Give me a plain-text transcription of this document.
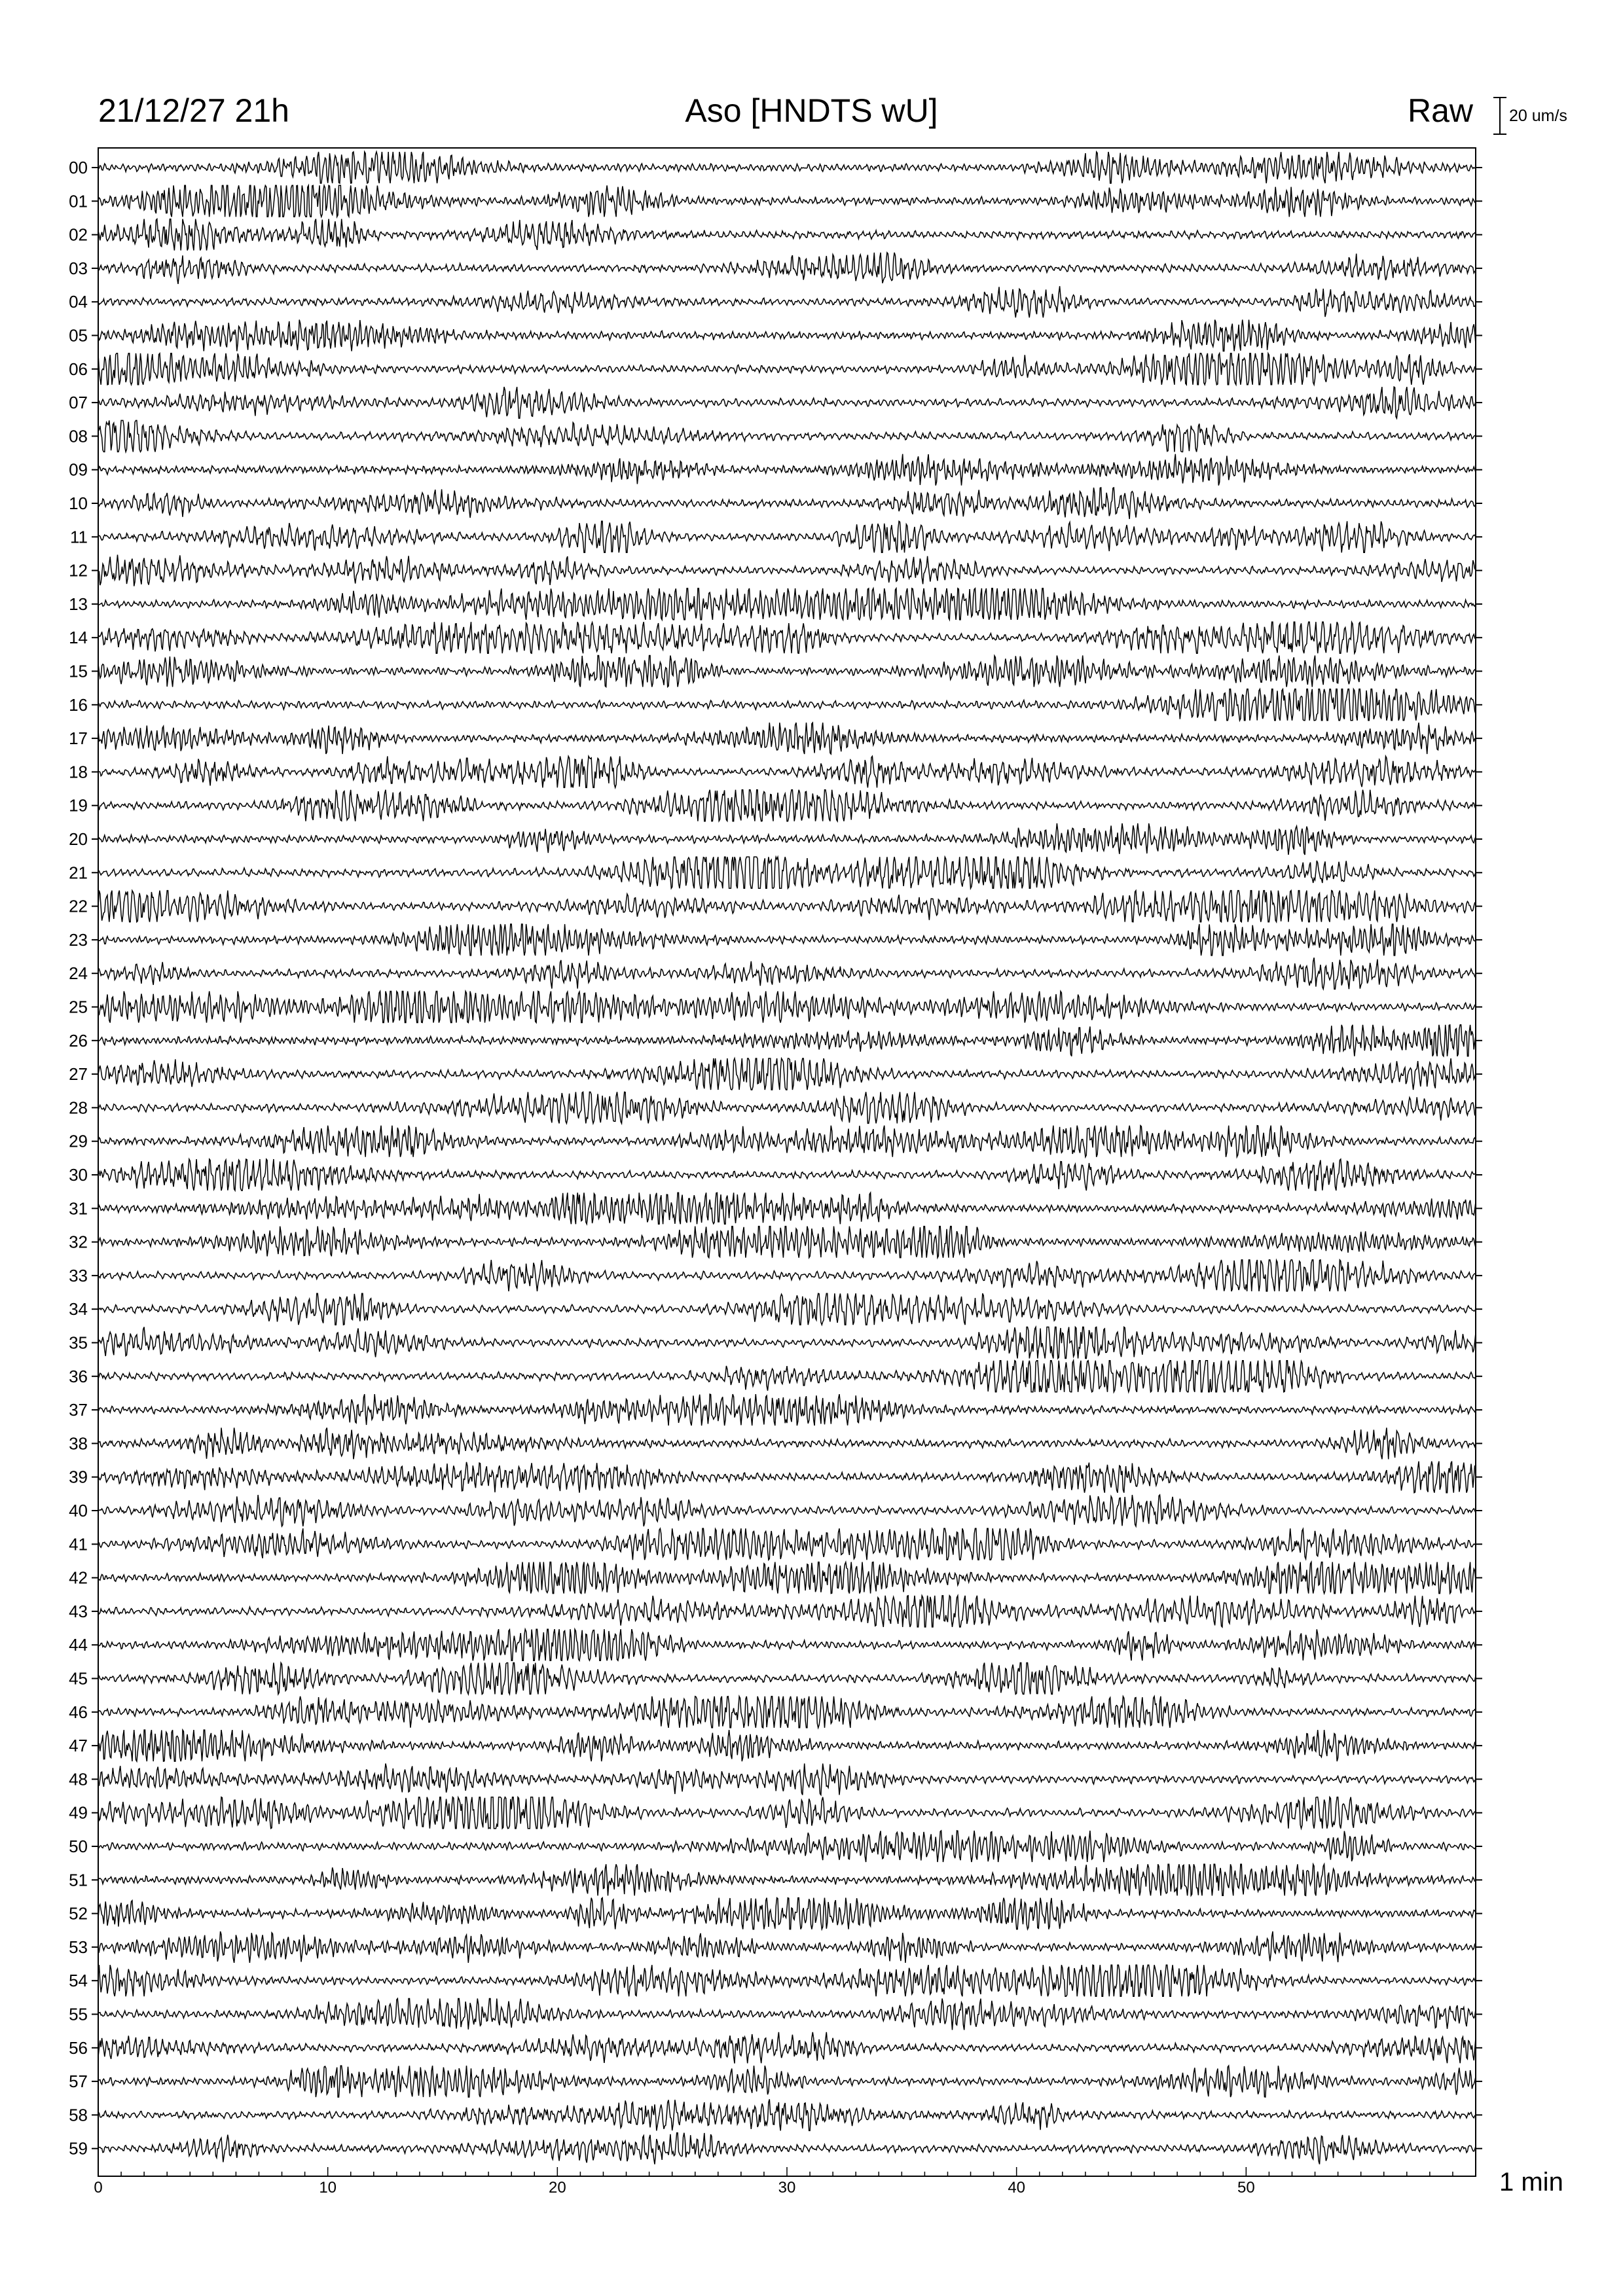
21/12/27 21h	Aso [HNDTS wU]	Raw 20 um/s
00
01
02
03
04
05
06
07
08
09
10
11
12
13
14
15
16
17
18
19
20
21
22
23
24
25
26
27
28
29
30
31
32
33
34
35
36
37
38
39
40
41
42
43
44
45
46
47
48
49
50
51
52
53
54
55
56
57
58
59
0	10	20	30	40	50	1 min
